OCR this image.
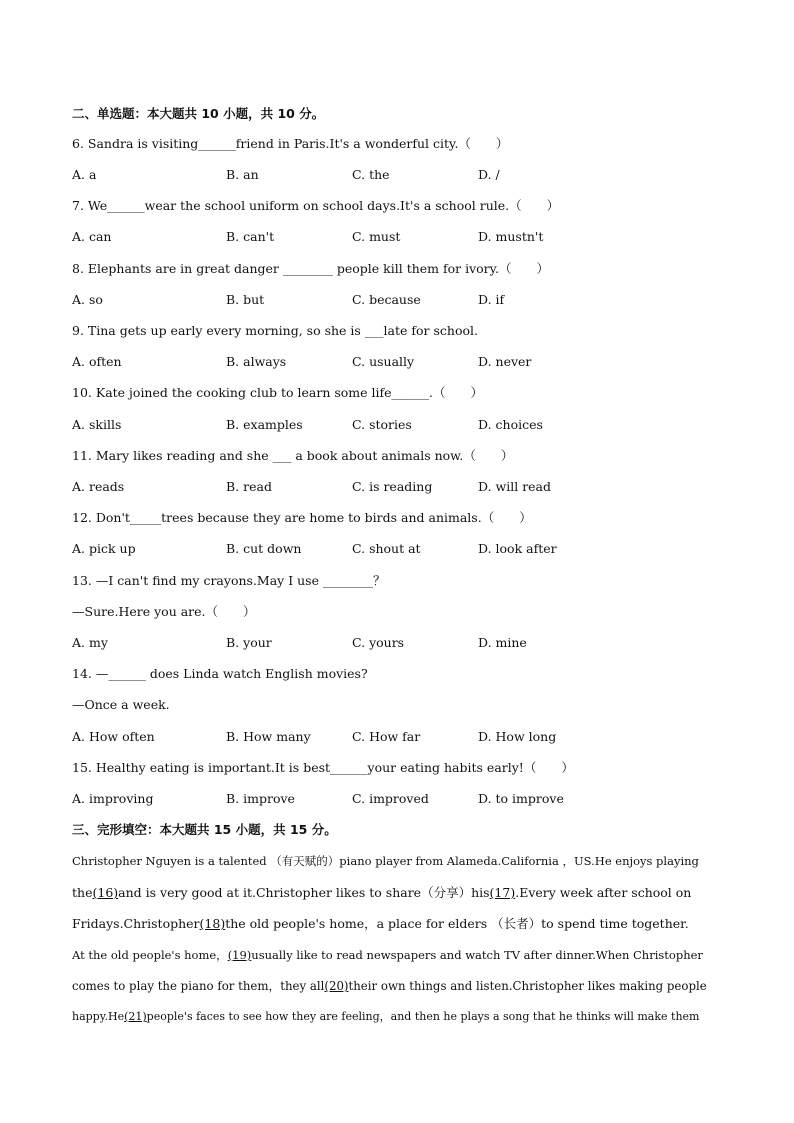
二、单选题：本大题共 10 小题，共 10 分。
6. Sandra is visiting______friend in Paris.It's a wonderful city.（　　）
A. a	B. an	C. the	D. /
7. We______wear the school uniform on school days.It's a school rule.（　　）
A. can	B. can't	C. must	D. mustn't
8. Elephants are in great danger ________ people kill them for ivory.（　　）
A. so	B. but	C. because	D. if
9. Tina gets up early every morning, so she is ___late for school.
A. often	B. always	C. usually	D. never
10. Kate joined the cooking club to learn some life______.（　　）
A. skills	B. examples	C. stories	D. choices
11. Mary likes reading and she ___ a book about animals now.（　　）
A. reads	B. read	C. is reading	D. will read
12. Don't_____trees because they are home to birds and animals.（　　）
A. pick up	B. cut down	C. shout at	D. look after
13. —I can't find my crayons.May I use ________？
—Sure.Here you are.（　　）
A. my	B. your	C. yours	D. mine
14. —______ does Linda watch English movies?
—Once a week.
A. How often	B. How many	C. How far	D. How long
15. Healthy eating is important.It is best______your eating habits early!（　　）
A. improving	B. improve	C. improved	D. to improve
三、完形填空：本大题共 15 小题，共 15 分。
Christopher Nguyen is a talented （有天赋的）piano player from Alameda.California ，US.He enjoys playing
the(16)and is very good at it.Christopher likes to share（分享）his(17).Every week after school on
Fridays.Christopher(18)the old people's home，a place for elders （长者）to spend time together.
At the old people's home，(19)usually like to read newspapers and watch TV after dinner.When Christopher
comes to play the piano for them，they all(20)their own things and listen.Christopher likes making people
happy.He(21)people's faces to see how they are feeling，and then he plays a song that he thinks will make them
